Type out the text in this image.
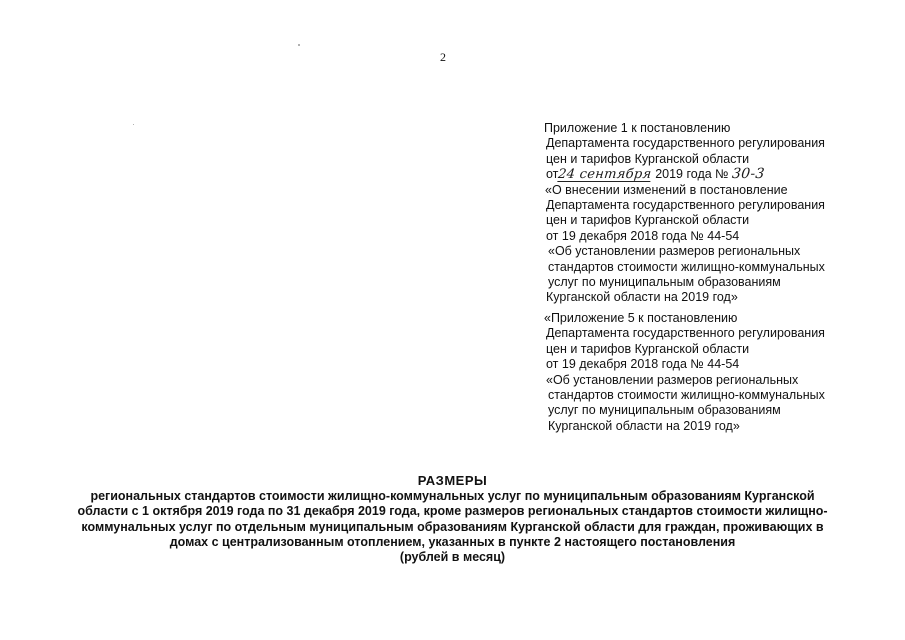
2
Приложение 1 к постановлению
Департамента государственного регулирования
цен и тарифов Курганской области
от24 сентября 2019 года № 30-3
«О внесении изменений в постановление
Департамента государственного регулирования
цен и тарифов Курганской области
от 19 декабря 2018 года № 44-54
«Об установлении размеров региональных
стандартов стоимости жилищно-коммунальных
услуг по муниципальным образованиям
Курганской области на 2019 год»
«Приложение 5 к постановлению
Департамента государственного регулирования
цен и тарифов Курганской области
от 19 декабря 2018 года № 44-54
«Об установлении размеров региональных
стандартов стоимости жилищно-коммунальных
услуг по муниципальным образованиям
Курганской области на 2019 год»
РАЗМЕРЫ
региональных стандартов стоимости жилищно-коммунальных услуг по муниципальным образованиям Курганской
области с 1 октября 2019 года по 31 декабря 2019 года, кроме размеров региональных стандартов стоимости жилищно-
коммунальных услуг по отдельным муниципальным образованиям Курганской области для граждан, проживающих в
домах с централизованным отоплением, указанных в пункте 2 настоящего постановления
(рублей в месяц)
